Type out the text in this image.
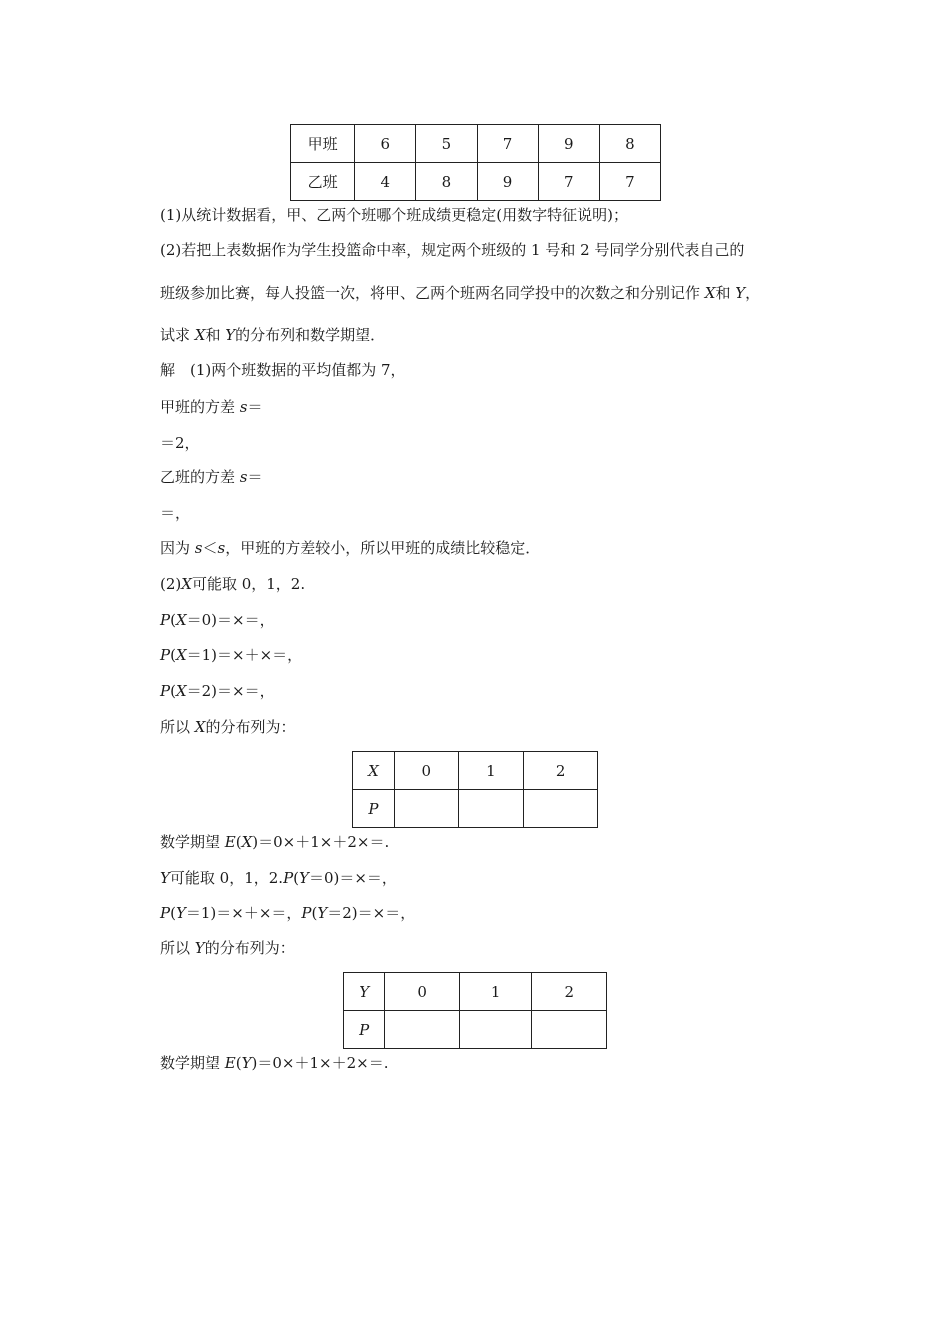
甲班	6	5	7	9	8
乙班	4	8	9	7	7
(1)从统计数据看，甲、乙两个班哪个班成绩更稳定(用数字特征说明)；
(2)若把上表数据作为学生投篮命中率，规定两个班级的 1 号和 2 号同学分别代表自己的
班级参加比赛，每人投篮一次，将甲、乙两个班两名同学投中的次数之和分别记作 X和 Y，
试求 X和 Y的分布列和数学期望．
解　(1)两个班数据的平均值都为 7，
甲班的方差 s＝
＝2，
乙班的方差 s＝
＝，
因为 s＜s，甲班的方差较小，所以甲班的成绩比较稳定．
(2)X可能取 0，1，2.
P(X＝0)＝×＝，
P(X＝1)＝×＋×＝，
P(X＝2)＝×＝，
所以 X的分布列为：
X	0	1	2
P			
数学期望 E(X)＝0×＋1×＋2×＝.
Y可能取 0，1，2.P(Y＝0)＝×＝，
P(Y＝1)＝×＋×＝，P(Y＝2)＝×＝，
所以 Y的分布列为：
Y	0	1	2
P			
数学期望 E(Y)＝0×＋1×＋2×＝.
